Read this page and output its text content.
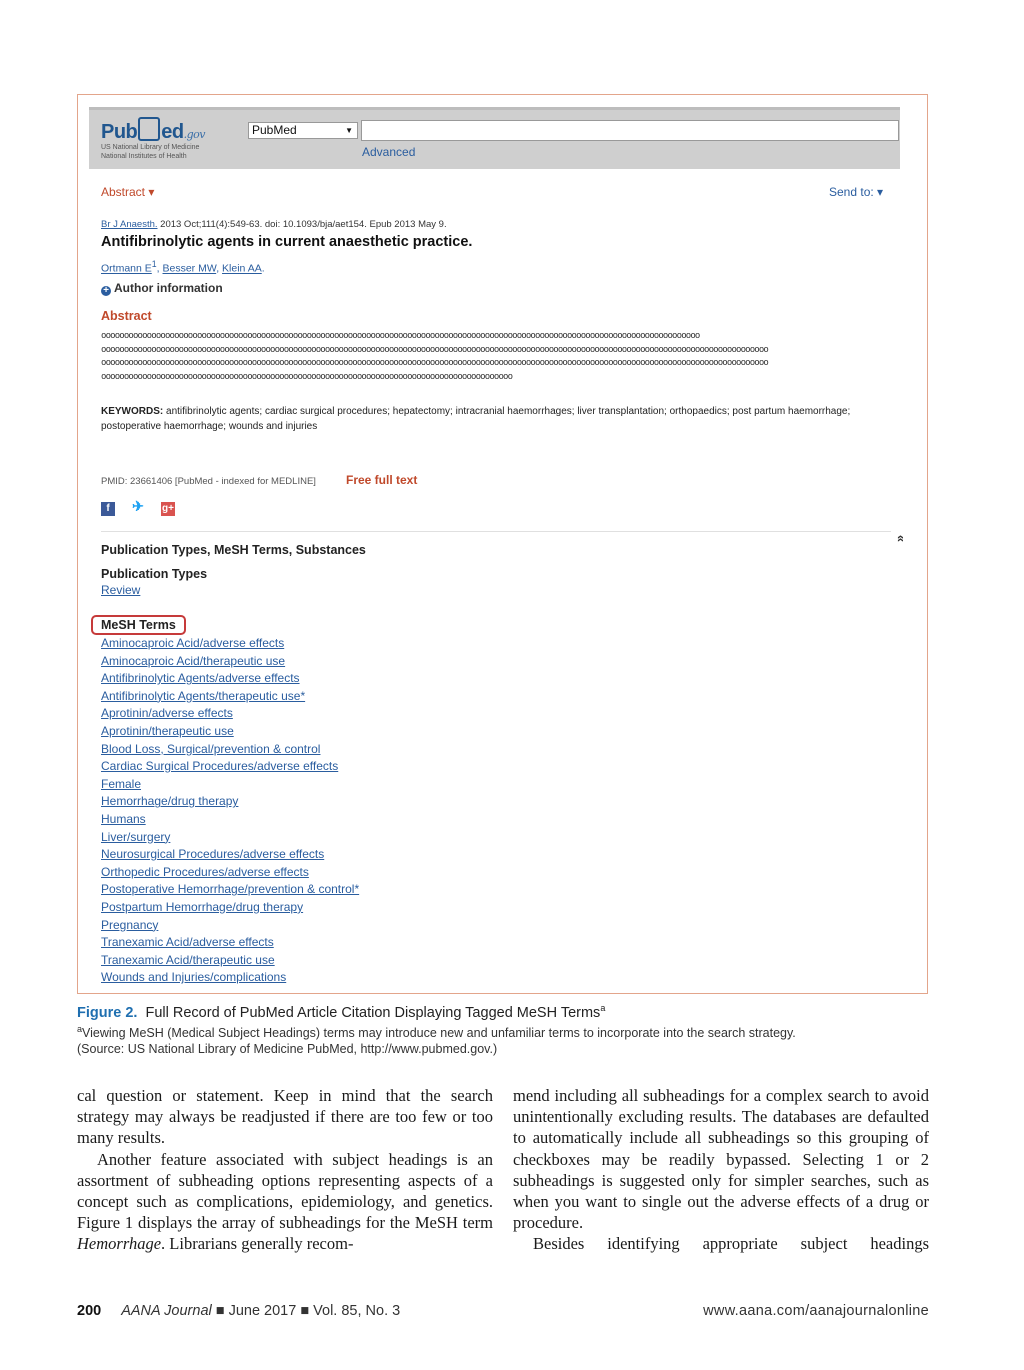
Pub ed.gov
US National Library of Medicine
National Institutes of Health
PubMed	▼
Advanced
Abstract ▾	Send to: ▾
Br J Anaesth. 2013 Oct;111(4):549-63. doi: 10.1093/bja/aet154. Epub 2013 May 9.
Antifibrinolytic agents in current anaesthetic practice.
Ortmann $E^1$, Besser MW, Klein AA.
+ Author information
Abstract
ooooooooooooooooooooooooooooooooooooooooooooooooooooooooooooooooooooooooooooooooooooooooooooooooooooooooooooooooooooooooooooooooooo
oooooooooooooooooooooooooooooooooooooooooooooooooooooooooooooooooooooooooooooooooooooooooooooooooooooooooooooooooooooooooooooooooooooooooooooooooo
oooooooooooooooooooooooooooooooooooooooooooooooooooooooooooooooooooooooooooooooooooooooooooooooooooooooooooooooooooooooooooooooooooooooooooooooooo
oooooooooooooooooooooooooooooooooooooooooooooooooooooooooooooooooooooooooooooooooooooooooo
KEYWORDS: antifibrinolytic agents; cardiac surgical procedures; hepatectomy; intracranial haemorrhages; liver transplantation; orthopaedics; post partum haemorrhage; postoperative haemorrhage; wounds and injuries
PMID: 23661406 [PubMed - indexed for MEDLINE]	Free full text
f ✈ g+
»
Publication Types, MeSH Terms, Substances
Publication Types
Review
MeSH Terms
Aminocaproic Acid/adverse effects
Aminocaproic Acid/therapeutic use
Antifibrinolytic Agents/adverse effects
Antifibrinolytic Agents/therapeutic use*
Aprotinin/adverse effects
Aprotinin/therapeutic use
Blood Loss, Surgical/prevention & control
Cardiac Surgical Procedures/adverse effects
Female
Hemorrhage/drug therapy
Humans
Liver/surgery
Neurosurgical Procedures/adverse effects
Orthopedic Procedures/adverse effects
Postoperative Hemorrhage/prevention & control*
Postpartum Hemorrhage/drug therapy
Pregnancy
Tranexamic Acid/adverse effects
Tranexamic Acid/therapeutic use
Wounds and Injuries/complications
Figure 2. Full Record of PubMed Article Citation Displaying Tagged MeSH Terms$^a$
$^a$Viewing MeSH (Medical Subject Headings) terms may introduce new and unfamiliar terms to incorporate into the search strategy.
(Source: US National Library of Medicine PubMed, http://www.pubmed.gov.)

cal question or statement. Keep in mind that the search strategy may always be readjusted if there are too few or too many results.

Another feature associated with subject headings is an assortment of subheading options representing aspects of a concept such as complications, epidemiology, and genetics. Figure 1 displays the array of subheadings for the MeSH term Hemorrhage. Librarians generally recom-

mend including all subheadings for a complex search to avoid unintentionally excluding results. The databases are defaulted to automatically include all subheadings so this grouping of checkboxes may be readily bypassed. Selecting 1 or 2 subheadings is suggested only for simpler searches, such as when you want to single out the adverse effects of a drug or procedure.

Besides identifying appropriate subject headings

200 AANA Journal ■ June 2017 ■ Vol. 85, No. 3	www.aana.com/aanajournalonline
